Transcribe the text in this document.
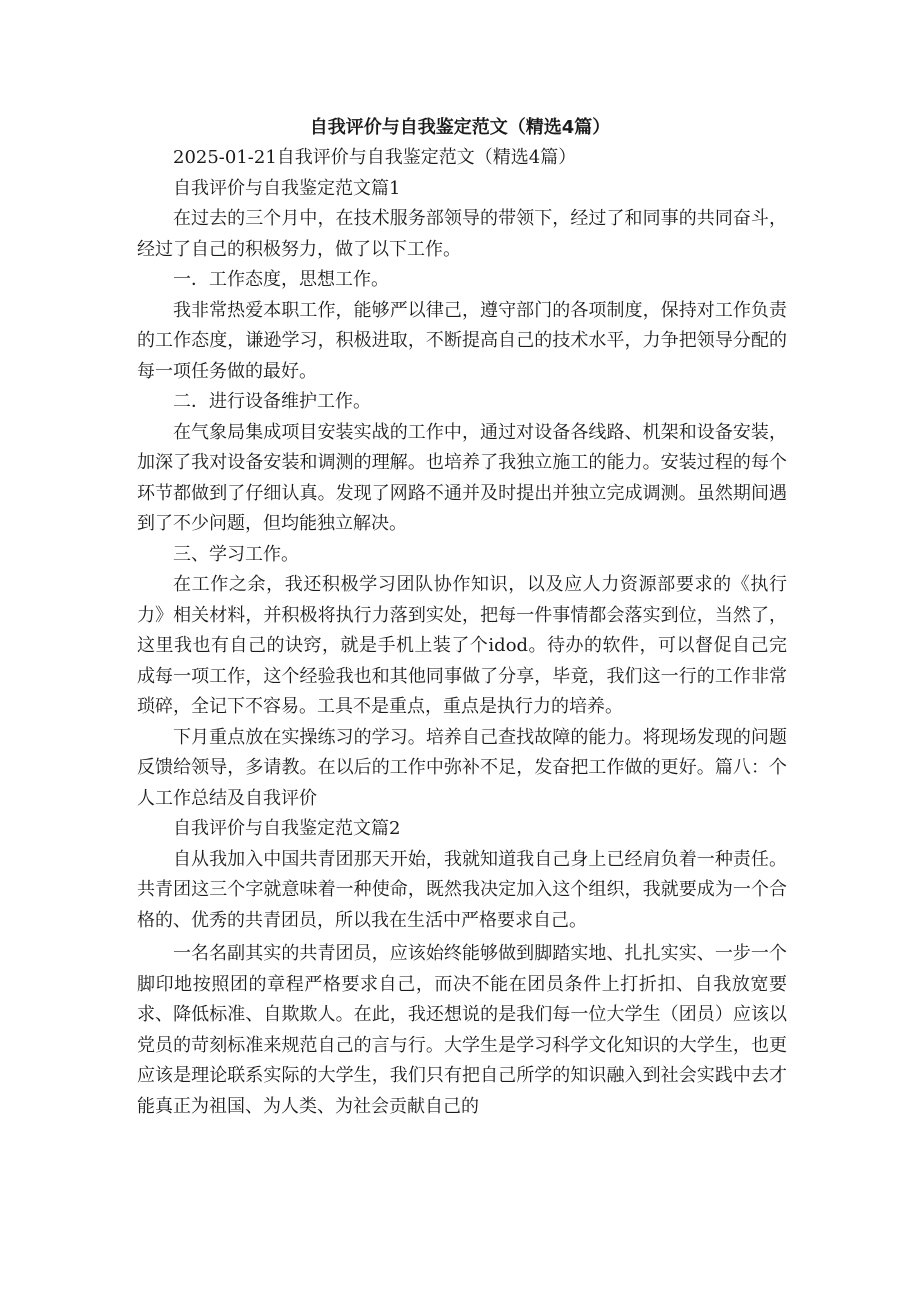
自我评价与自我鉴定范文（精选4篇）

2025-01-21自我评价与自我鉴定范文（精选4篇）

自我评价与自我鉴定范文篇1

在过去的三个月中，在技术服务部领导的带领下，经过了和同事的共同奋斗，经过了自己的积极努力，做了以下工作。

一．工作态度，思想工作。

我非常热爱本职工作，能够严以律己，遵守部门的各项制度，保持对工作负责的工作态度，谦逊学习，积极进取，不断提高自己的技术水平，力争把领导分配的每一项任务做的最好。

二．进行设备维护工作。

在气象局集成项目安装实战的工作中，通过对设备各线路、机架和设备安装，加深了我对设备安装和调测的理解。也培养了我独立施工的能力。安装过程的每个环节都做到了仔细认真。发现了网路不通并及时提出并独立完成调测。虽然期间遇到了不少问题，但均能独立解决。

三、学习工作。

在工作之余，我还积极学习团队协作知识，以及应人力资源部要求的《执行力》相关材料，并积极将执行力落到实处，把每一件事情都会落实到位，当然了，这里我也有自己的诀窍，就是手机上装了个idod。待办的软件，可以督促自己完成每一项工作，这个经验我也和其他同事做了分享，毕竟，我们这一行的工作非常琐碎，全记下不容易。工具不是重点，重点是执行力的培养。

下月重点放在实操练习的学习。培养自己查找故障的能力。将现场发现的问题反馈给领导，多请教。在以后的工作中弥补不足，发奋把工作做的更好。篇八：个人工作总结及自我评价

自我评价与自我鉴定范文篇2

自从我加入中国共青团那天开始，我就知道我自己身上已经肩负着一种责任。共青团这三个字就意味着一种使命，既然我决定加入这个组织，我就要成为一个合格的、优秀的共青团员，所以我在生活中严格要求自己。

一名名副其实的共青团员，应该始终能够做到脚踏实地、扎扎实实、一步一个脚印地按照团的章程严格要求自己，而决不能在团员条件上打折扣、自我放宽要求、降低标准、自欺欺人。在此，我还想说的是我们每一位大学生（团员）应该以党员的苛刻标准来规范自己的言与行。大学生是学习科学文化知识的大学生，也更应该是理论联系实际的大学生，我们只有把自己所学的知识融入到社会实践中去才能真正为祖国、为人类、为社会贡献自己的
